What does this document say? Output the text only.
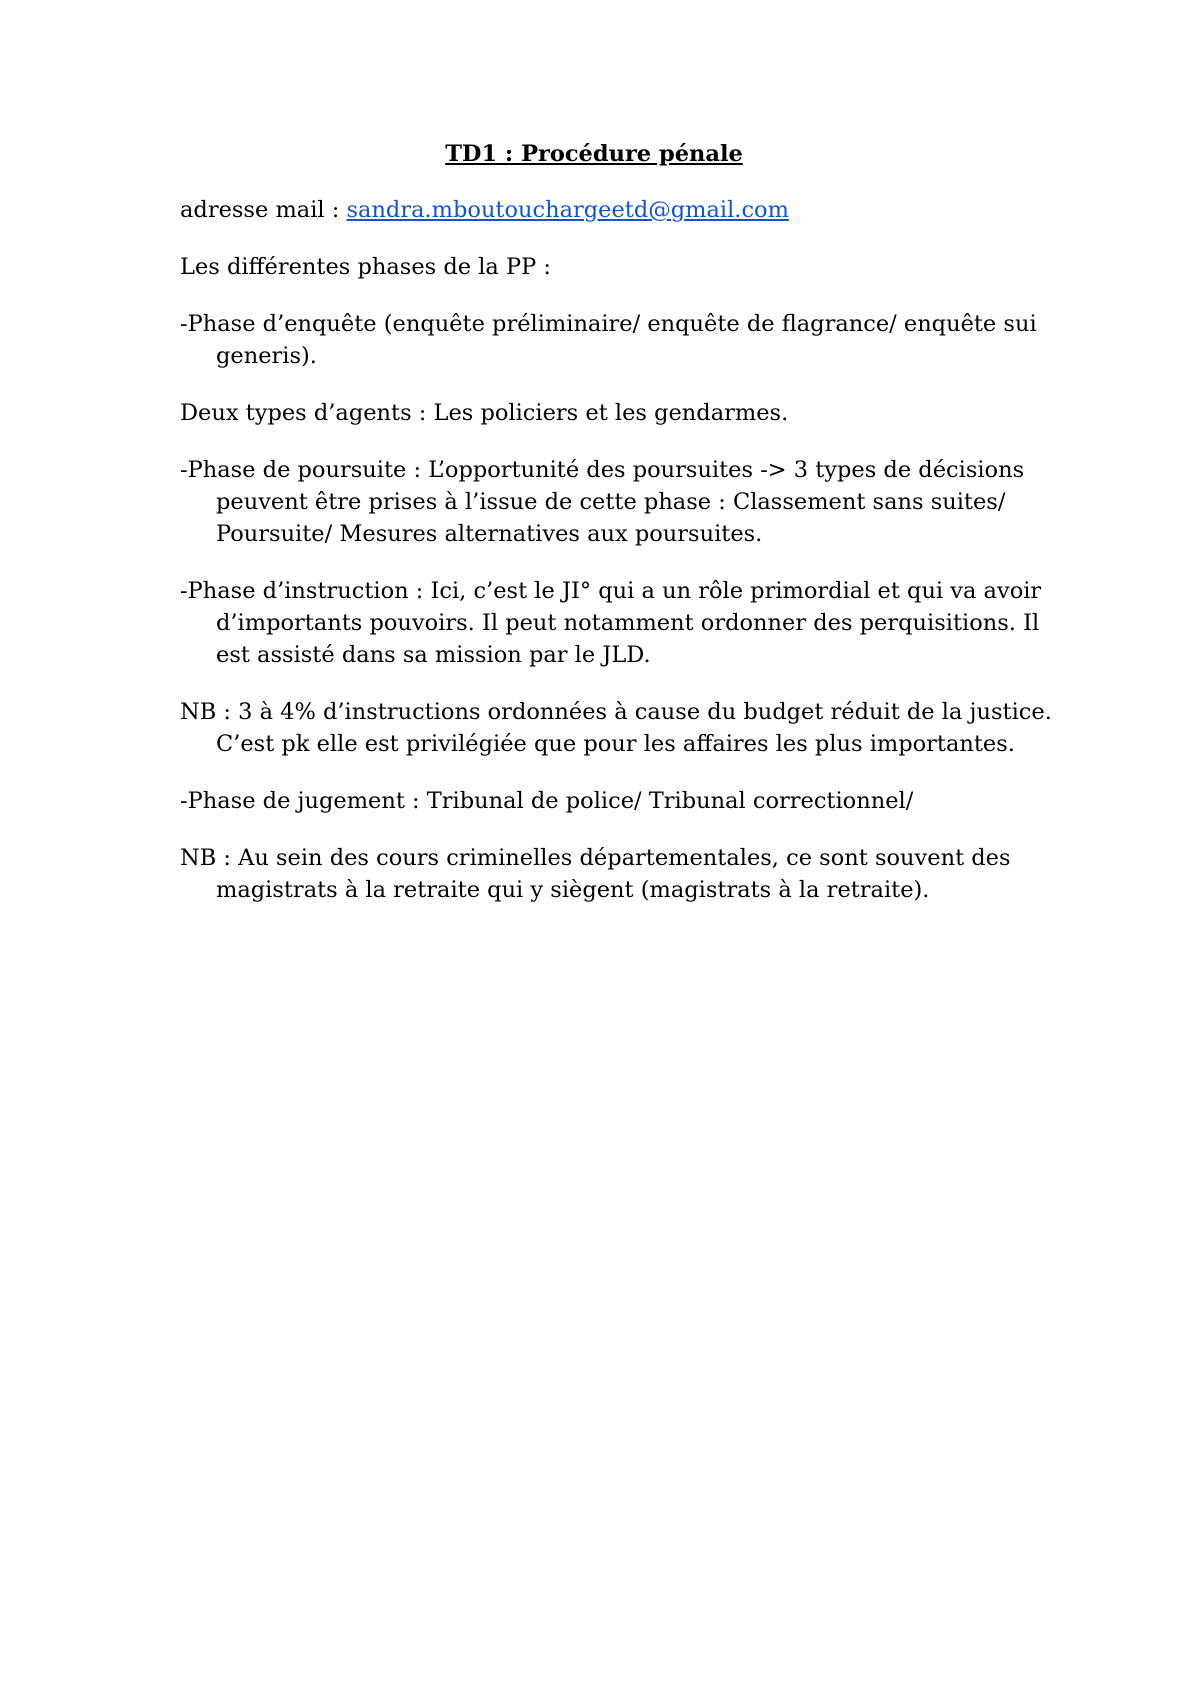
TD1 : Procédure pénale

adresse mail : sandra.mboutouchargeetd@gmail.com

Les différentes phases de la PP :

-Phase d’enquête (enquête préliminaire/ enquête de flagrance/ enquête sui generis).

Deux types d’agents : Les policiers et les gendarmes.

-Phase de poursuite : L’opportunité des poursuites -> 3 types de décisions peuvent être prises à l’issue de cette phase : Classement sans suites/ Poursuite/ Mesures alternatives aux poursuites.

-Phase d’instruction : Ici, c’est le JI° qui a un rôle primordial et qui va avoir d’importants pouvoirs. Il peut notamment ordonner des perquisitions. Il est assisté dans sa mission par le JLD.

NB : 3 à 4% d’instructions ordonnées à cause du budget réduit de la justice. C’est pk elle est privilégiée que pour les affaires les plus importantes.

-Phase de jugement : Tribunal de police/ Tribunal correctionnel/

NB : Au sein des cours criminelles départementales, ce sont souvent des magistrats à la retraite qui y siègent (magistrats à la retraite).
